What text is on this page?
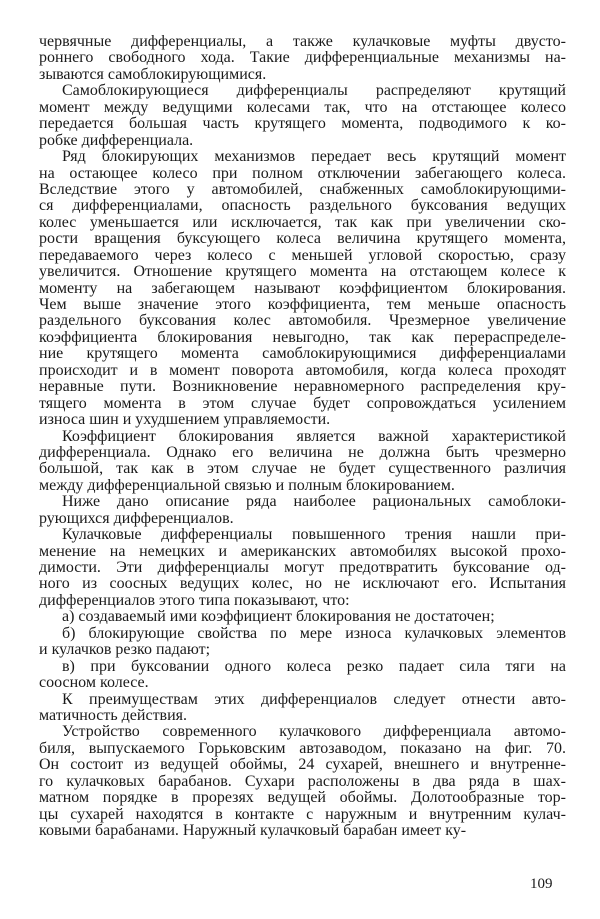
червячные дифференциалы, а также кулачковые муфты двусто-
роннего свободного хода. Такие дифференциальные механизмы на-
зываются самоблокирующимися.
Самоблокирующиеся дифференциалы распределяют крутящий
момент между ведущими колесами так, что на отстающее колесо
передается бо́льшая часть крутящего момента, подводимого к ко-
робке дифференциала.
Ряд блокирующих механизмов передает весь крутящий момент
на остающее колесо при полном отключении забегающего колеса.
Вследствие этого у автомобилей, снабженных самоблокирующими-
ся дифференциалами, опасность раздельного буксования ведущих
колес уменьшается или исключается, так как при увеличении ско-
рости вращения буксующего колеса величина крутящего момента,
передаваемого через колесо с меньшей угловой скоростью, сразу
увеличится. Отношение крутящего момента на отстающем колесе к
моменту на забегающем называют коэффициентом блокирования.
Чем выше значение этого коэффициента, тем меньше опасность
раздельного буксования колес автомобиля. Чрезмерное увеличение
коэффициента блокирования невыгодно, так как перераспределе-
ние крутящего момента самоблокирующимися дифференциалами
происходит и в момент поворота автомобиля, когда колеса проходят
неравные пути. Возникновение неравномерного распределения кру-
тящего момента в этом случае будет сопровождаться усилением
износа шин и ухудшением управляемости.
Коэффициент блокирования является важной характеристикой
дифференциала. Однако его величина не должна быть чрезмерно
большой, так как в этом случае не будет существенного различия
между дифференциальной связью и полным блокированием.
Ниже дано описание ряда наиболее рациональных самоблоки-
рующихся дифференциалов.
Кулачковые дифференциалы повышенного трения нашли при-
менение на немецких и американских автомобилях высокой прохо-
димости. Эти дифференциалы могут предотвратить буксование од-
ного из соосных ведущих колес, но не исключают его. Испытания
дифференциалов этого типа показывают, что:
а) создаваемый ими коэффициент блокирования не достаточен;
б) блокирующие свойства по мере износа кулачковых элементов
и кулачков резко падают;
в) при буксовании одного колеса резко падает сила тяги на
соосном колесе.
К преимуществам этих дифференциалов следует отнести авто-
матичность действия.
Устройство современного кулачкового дифференциала автомо-
биля, выпускаемого Горьковским автозаводом, показано на фиг. 70.
Он состоит из ведущей обоймы, 24 сухарей, внешнего и внутренне-
го кулачковых барабанов. Сухари расположены в два ряда в шах-
матном порядке в прорезях ведущей обоймы. Долотообразные тор-
цы сухарей находятся в контакте с наружным и внутренним кулач-
ковыми барабанами. Наружный кулачковый барабан имеет ку-
109
